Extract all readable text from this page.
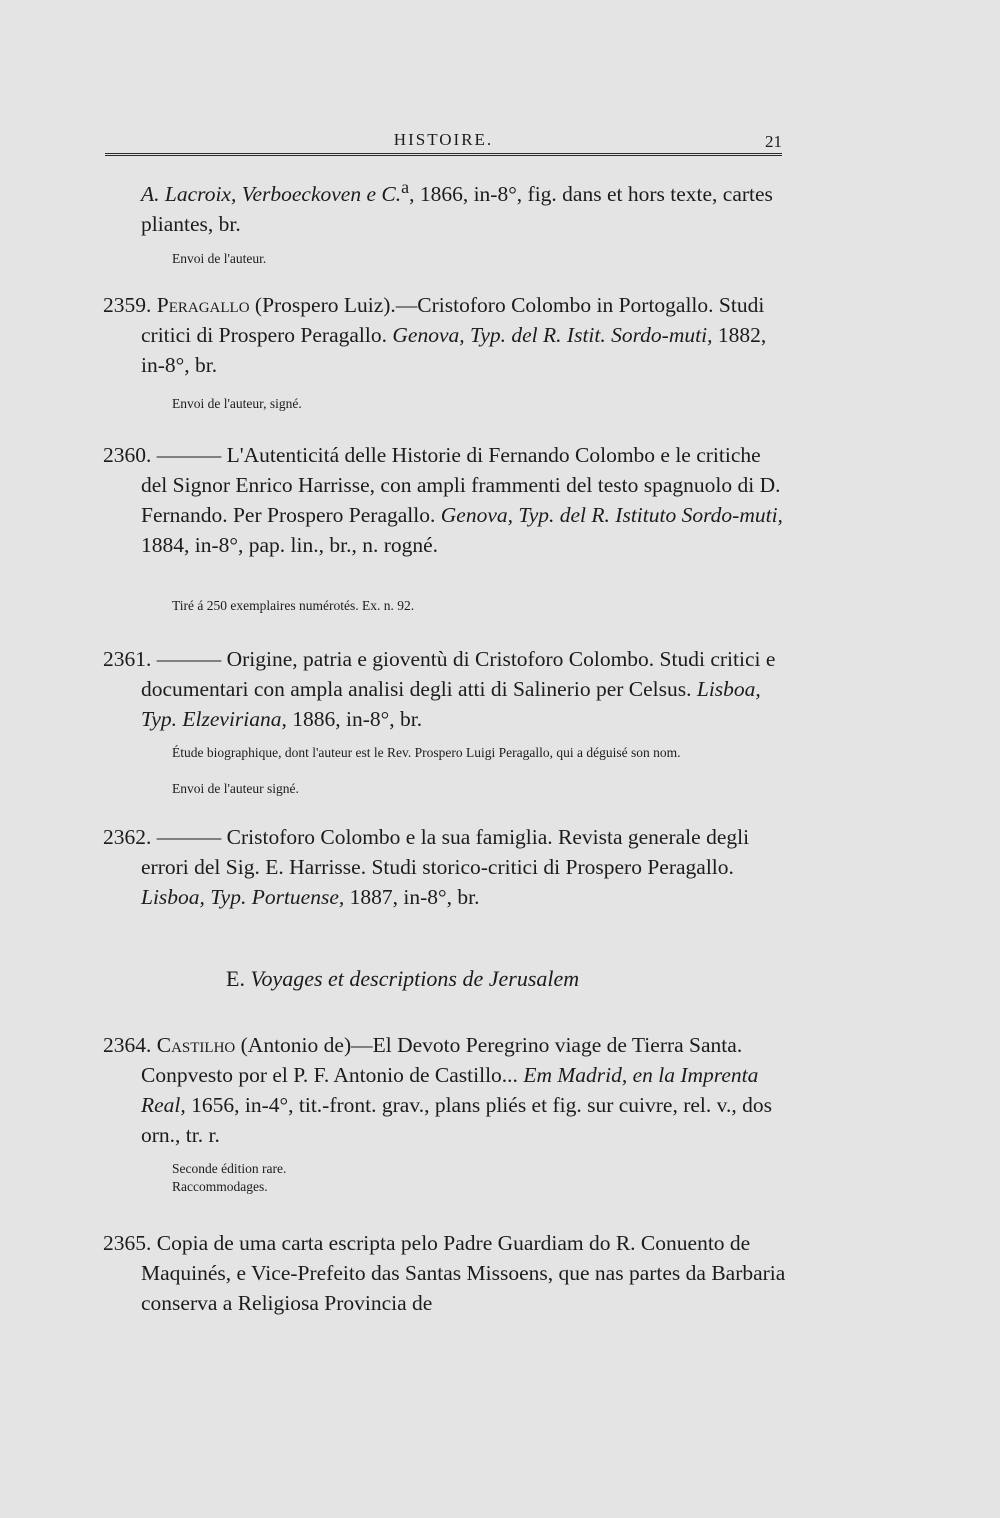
HISTOIRE.	21
A. Lacroix, Verboeckoven e C.$^a$, 1866, in-8°, fig. dans et hors texte, cartes pliantes, br.
Envoi de l'auteur.
2359. Peragallo (Prospero Luiz).—Cristoforo Colombo in Portogallo. Studi critici di Prospero Peragallo. Genova, Typ. del R. Istit. Sordo-muti, 1882, in-8°, br.
Envoi de l'auteur, signé.
2360. ——— L'Autenticitá delle Historie di Fernando Colombo e le critiche del Signor Enrico Harrisse, con ampli frammenti del testo spagnuolo di D. Fernando. Per Prospero Peragallo. Genova, Typ. del R. Istituto Sordo-muti, 1884, in-8°, pap. lin., br., n. rogné.
Tiré á 250 exemplaires numérotés. Ex. n. 92.
2361. ——— Origine, patria e gioventù di Cristoforo Colombo. Studi critici e documentari con ampla analisi degli atti di Salinerio per Celsus. Lisboa, Typ. Elzeviriana, 1886, in-8°, br.
Étude biographique, dont l'auteur est le Rev. Prospero Luigi Peragallo, qui a déguisé son nom.
Envoi de l'auteur signé.
2362. ——— Cristoforo Colombo e la sua famiglia. Revista generale degli errori del Sig. E. Harrisse. Studi storico-critici di Prospero Peragallo. Lisboa, Typ. Portuense, 1887, in-8°, br.
E. Voyages et descriptions de Jerusalem
2364. Castilho (Antonio de)—El Devoto Peregrino viage de Tierra Santa. Conpvesto por el P. F. Antonio de Castillo... Em Madrid, en la Imprenta Real, 1656, in-4°, tit.-front. grav., plans pliés et fig. sur cuivre, rel. v., dos orn., tr. r.
Seconde édition rare.
Raccommodages.
2365. Copia de uma carta escripta pelo Padre Guardiam do R. Conuento de Maquinés, e Vice-Prefeito das Santas Missoens, que nas partes da Barbaria conserva a Religiosa Provincia de
